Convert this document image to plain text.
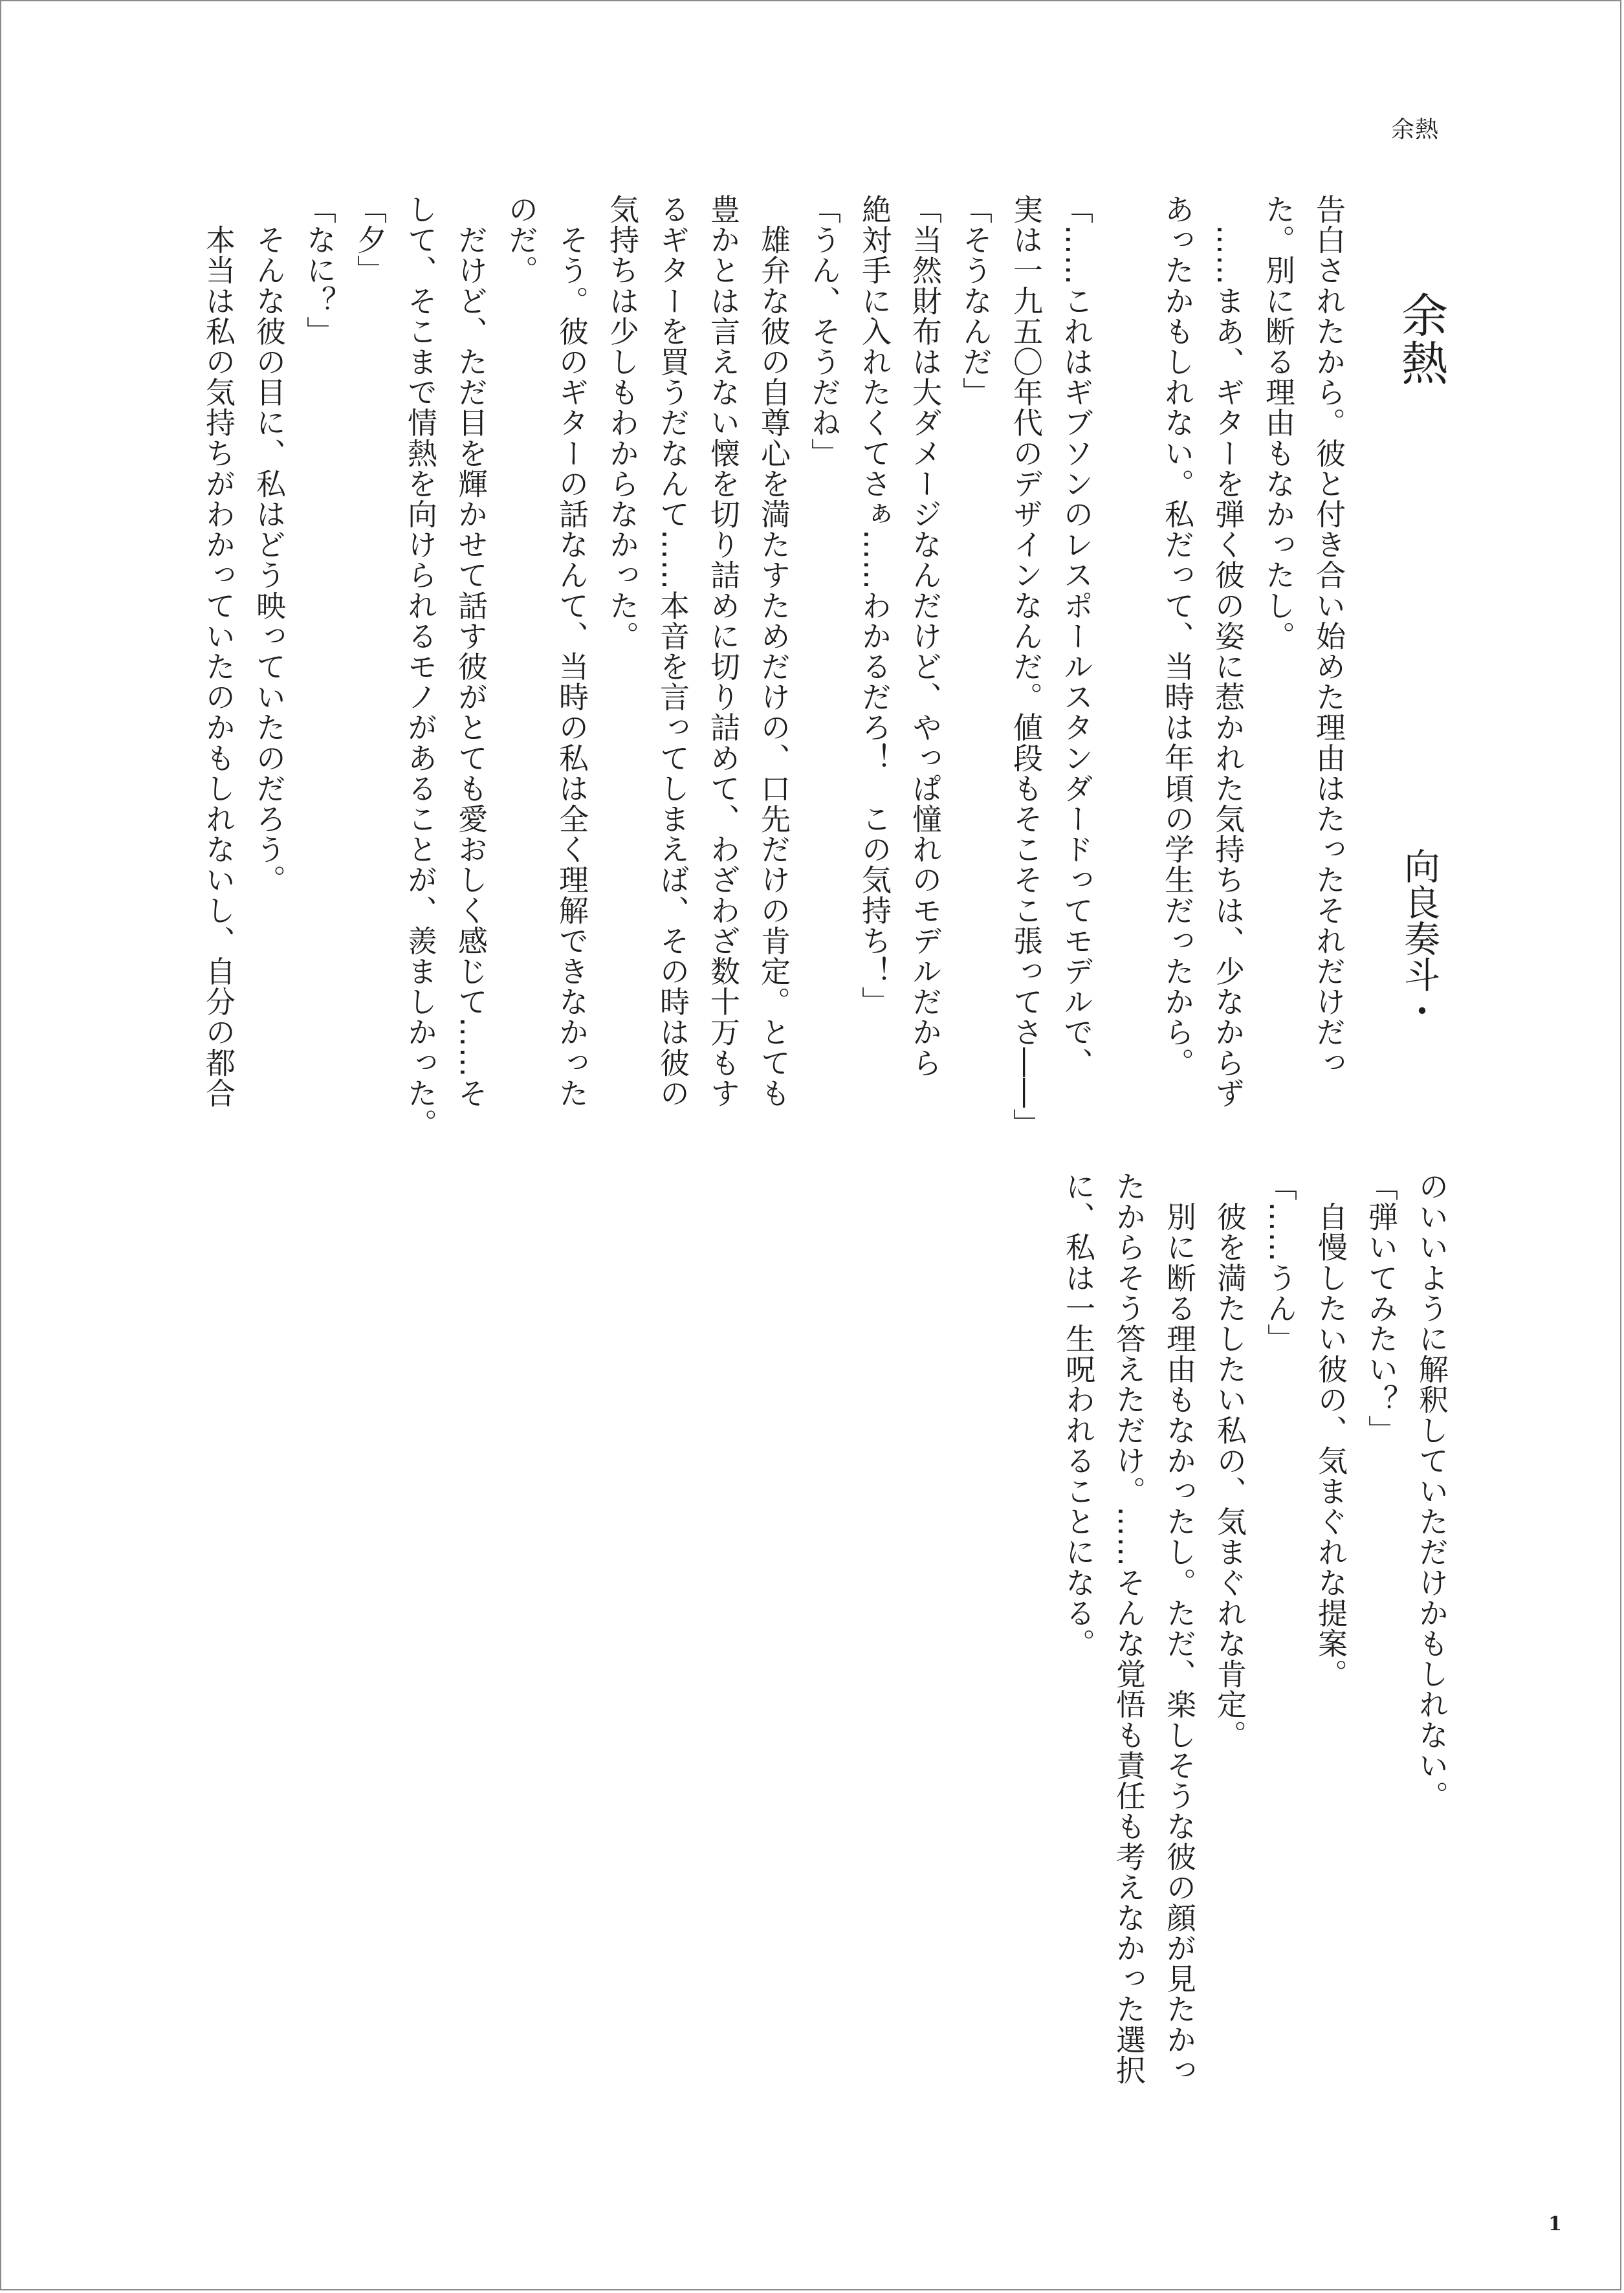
余熱
余熱
向良奏斗・
告白されたから。彼と付き合い始めた理由はたったそれだけだっ
た。別に断る理由もなかったし。
　……まあ、ギターを弾く彼の姿に惹かれた気持ちは、少なからず
あったかもしれない。私だって、当時は年頃の学生だったから。
「……これはギブソンのレスポールスタンダードってモデルで、
実は一九五〇年代のデザインなんだ。値段もそこそこ張ってさ――」
「そうなんだ」
「当然財布は大ダメージなんだけど、やっぱ憧れのモデルだから
絶対手に入れたくてさぁ……わかるだろ！　この気持ち！」
「うん、そうだね」
　雄弁な彼の自尊心を満たすためだけの、口先だけの肯定。とても
豊かとは言えない懐を切り詰めに切り詰めて、わざわざ数十万もす
るギターを買うだなんて……本音を言ってしまえば、その時は彼の
気持ちは少しもわからなかった。
　そう。彼のギターの話なんて、当時の私は全く理解できなかった
のだ。
　だけど、ただ目を輝かせて話す彼がとても愛おしく感じて……そ
して、そこまで情熱を向けられるモノがあることが、羨ましかった。
「夕」
「なに？」
　そんな彼の目に、私はどう映っていたのだろう。
　本当は私の気持ちがわかっていたのかもしれないし、自分の都合
のいいように解釈していただけかもしれない。
「弾いてみたい？」
　自慢したい彼の、気まぐれな提案。
「……うん」
　彼を満たしたい私の、気まぐれな肯定。
　別に断る理由もなかったし。ただ、楽しそうな彼の顔が見たかっ
たからそう答えただけ。……そんな覚悟も責任も考えなかった選択
に、私は一生呪われることになる。
1
